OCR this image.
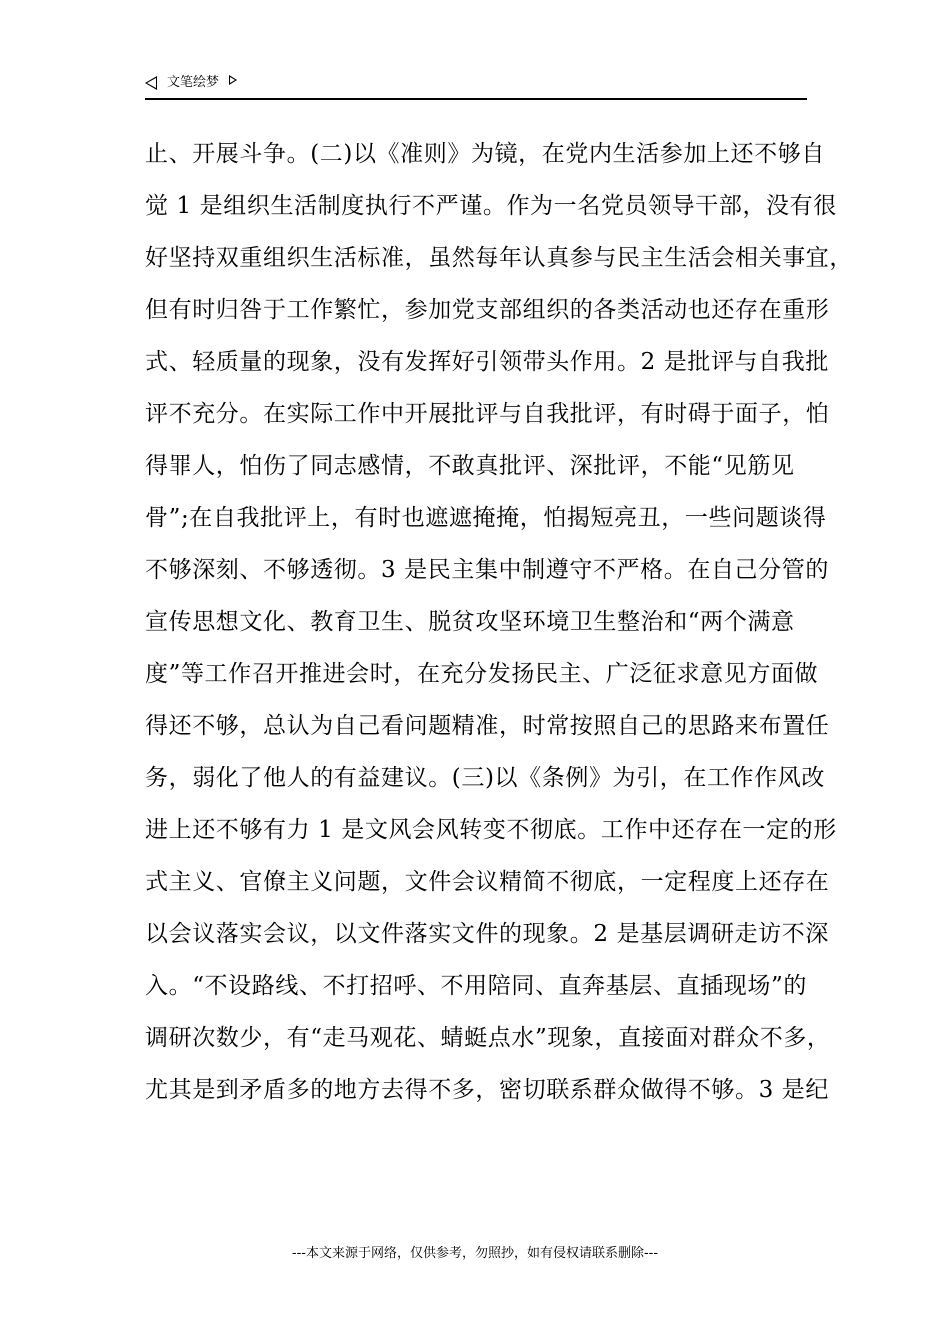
文笔绘梦
止、开展斗争。(二)以《准则》为镜，在党内生活参加上还不够自
觉 1 是组织生活制度执行不严谨。作为一名党员领导干部，没有很
好坚持双重组织生活标准，虽然每年认真参与民主生活会相关事宜，
但有时归咎于工作繁忙，参加党支部组织的各类活动也还存在重形
式、轻质量的现象，没有发挥好引领带头作用。2 是批评与自我批
评不充分。在实际工作中开展批评与自我批评，有时碍于面子，怕
得罪人，怕伤了同志感情，不敢真批评、深批评，不能“见筋见
骨”;在自我批评上，有时也遮遮掩掩，怕揭短亮丑，一些问题谈得
不够深刻、不够透彻。3 是民主集中制遵守不严格。在自己分管的
宣传思想文化、教育卫生、脱贫攻坚环境卫生整治和“两个满意
度”等工作召开推进会时，在充分发扬民主、广泛征求意见方面做
得还不够，总认为自己看问题精准，时常按照自己的思路来布置任
务，弱化了他人的有益建议。(三)以《条例》为引，在工作作风改
进上还不够有力 1 是文风会风转变不彻底。工作中还存在一定的形
式主义、官僚主义问题，文件会议精简不彻底，一定程度上还存在
以会议落实会议，以文件落实文件的现象。2 是基层调研走访不深
入。“不设路线、不打招呼、不用陪同、直奔基层、直插现场”的
调研次数少，有“走马观花、蜻蜓点水”现象，直接面对群众不多，
尤其是到矛盾多的地方去得不多，密切联系群众做得不够。3 是纪
---本文来源于网络，仅供参考，勿照抄，如有侵权请联系删除---
